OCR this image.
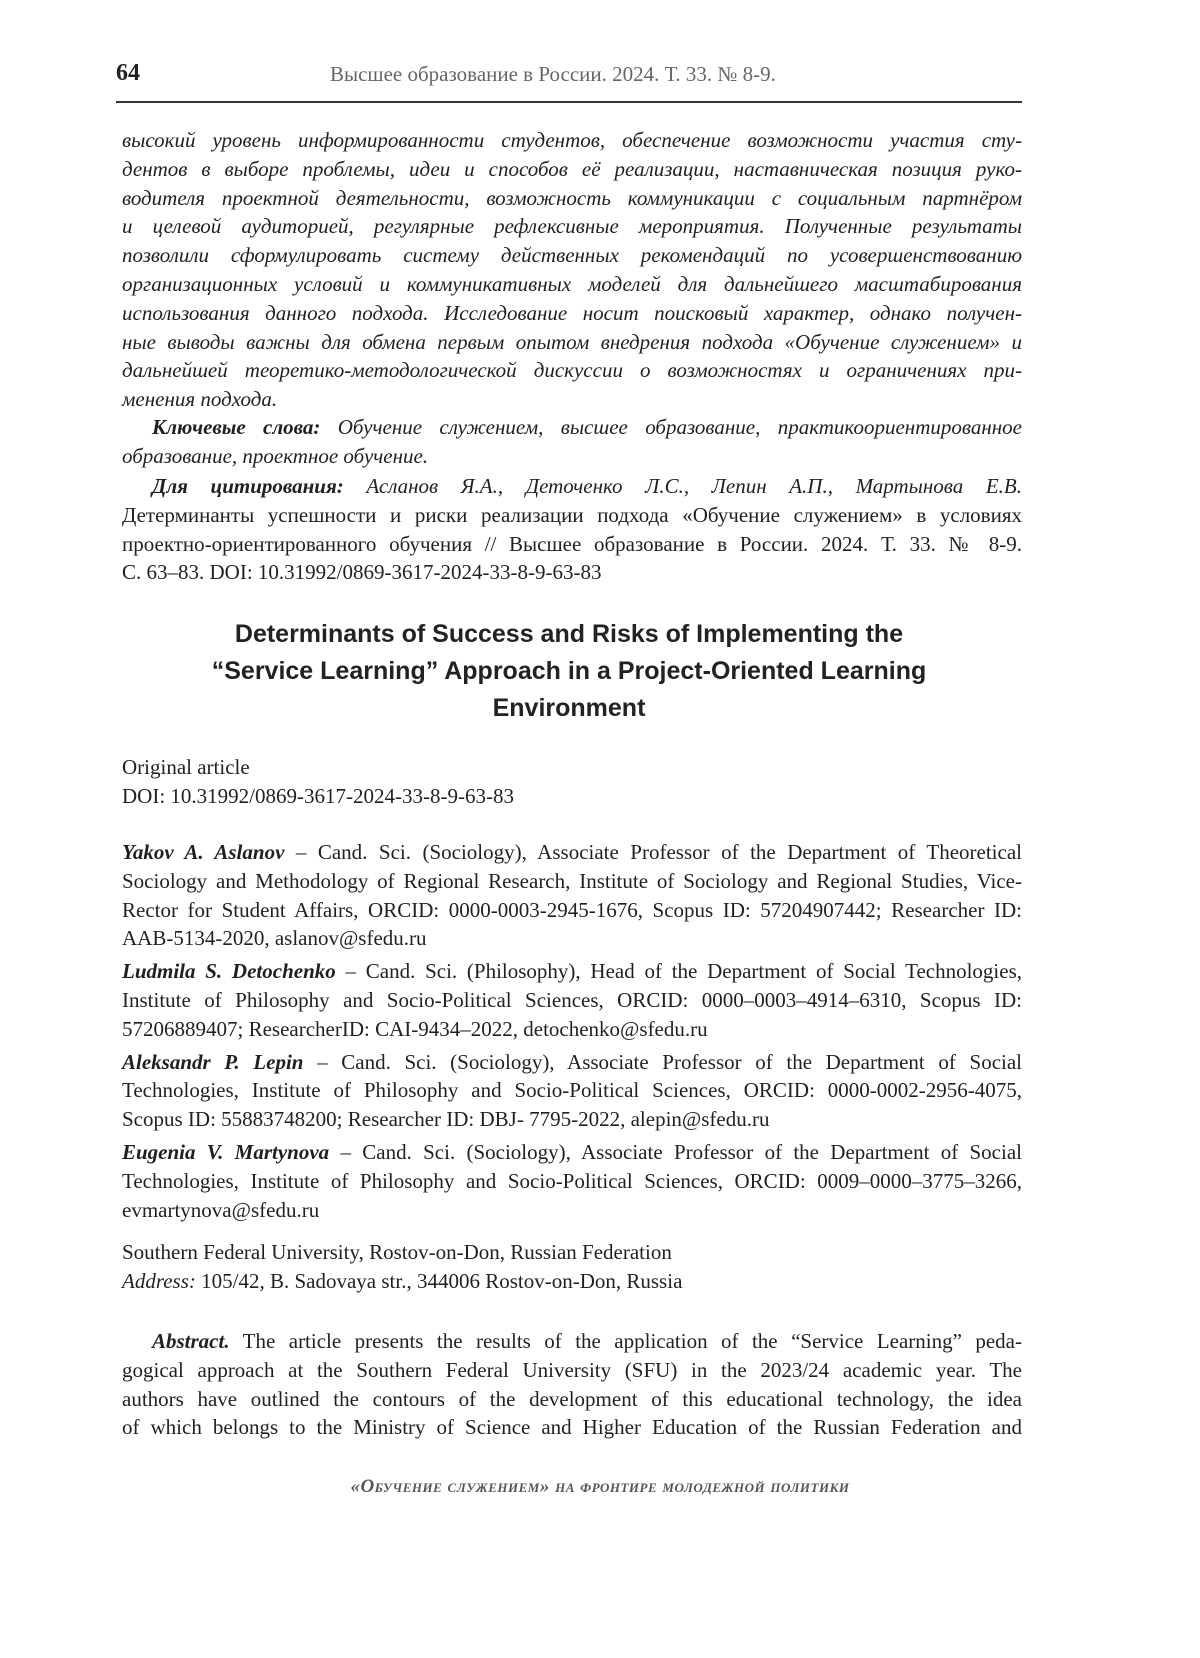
64	Высшее образование в России. 2024. Т. 33. № 8-9.
высокий уровень информированности студентов, обеспечение возможности участия сту-
дентов в выборе проблемы, идеи и способов её реализации, наставническая позиция руко-
водителя проектной деятельности, возможность коммуникации с социальным партнёром
и целевой аудиторией, регулярные рефлексивные мероприятия. Полученные результаты
позволили сформулировать систему действенных рекомендаций по усовершенствованию
организационных условий и коммуникативных моделей для дальнейшего масштабирования
использования данного подхода. Исследование носит поисковый характер, однако получен-
ные выводы важны для обмена первым опытом внедрения подхода «Обучение служением» и
дальнейшей теоретико-методологической дискуссии о возможностях и ограничениях при-
менения подхода.
Ключевые слова: Обучение служением, высшее образование, практикоориентированное
образование, проектное обучение.
Для цитирования: Асланов Я.А., Деточенко Л.С., Лепин А.П., Мартынова Е.В.
Детерминанты успешности и риски реализации подхода «Обучение служением» в условиях
проектно-ориентированного обучения // Высшее образование в России. 2024. Т. 33. № 8-9.
С. 63–83. DOI: 10.31992/0869-3617-2024-33-8-9-63-83
Determinants of Success and Risks of Implementing the
“Service Learning” Approach in a Project-Oriented Learning
Environment
Original article
DOI: 10.31992/0869-3617-2024-33-8-9-63-83
Yakov A. Aslanov – Cand. Sci. (Sociology), Associate Professor of the Department of Theoretical
Sociology and Methodology of Regional Research, Institute of Sociology and Regional Studies, Vice-
Rector for Student Affairs, ORCID: 0000-0003-2945-1676, Scopus ID: 57204907442; Researcher ID:
AAB-5134-2020, aslanov@sfedu.ru
Ludmila S. Detochenko – Cand. Sci. (Philosophy), Head of the Department of Social Technologies,
Institute of Philosophy and Socio-Political Sciences, ORCID: 0000–0003–4914–6310, Scopus ID:
57206889407; ResearcherID: CAI-9434–2022, detochenko@sfedu.ru
Aleksandr P. Lepin – Cand. Sci. (Sociology), Associate Professor of the Department of Social
Technologies, Institute of Philosophy and Socio-Political Sciences, ORCID: 0000-0002-2956-4075,
Scopus ID: 55883748200; Researcher ID: DBJ- 7795-2022, alepin@sfedu.ru
Eugenia V. Martynova – Cand. Sci. (Sociology), Associate Professor of the Department of Social
Technologies, Institute of Philosophy and Socio-Political Sciences, ORCID: 0009–0000–3775–3266,
evmartynova@sfedu.ru
Southern Federal University, Rostov-on-Don, Russian Federation
Address: 105/42, B. Sadovaya str., 344006 Rostov-on-Don, Russia
Abstract. The article presents the results of the application of the “Service Learning” peda-
gogical approach at the Southern Federal University (SFU) in the 2023/24 academic year. The
authors have outlined the contours of the development of this educational technology, the idea
of which belongs to the Ministry of Science and Higher Education of the Russian Federation and
«Обучение служением» на фронтире молодежной политики
